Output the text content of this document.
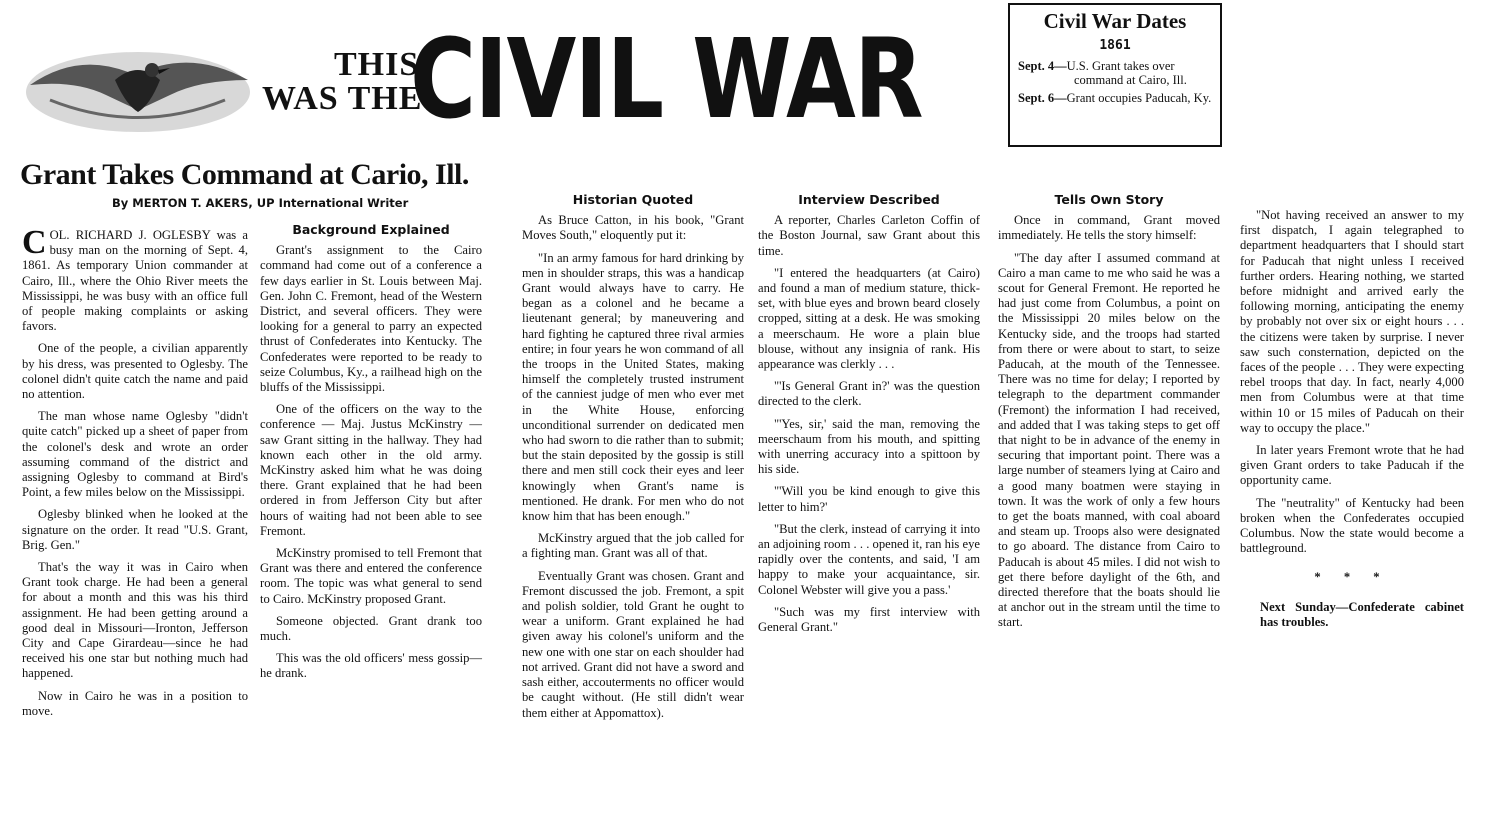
THIS
WAS THE
CIVIL WAR	Civil War Dates
1861
Sept. 4—U.S. Grant takes over command at Cairo, Ill.
Sept. 6—Grant occupies Paducah, Ky.
Grant Takes Command at Cario, Ill.
By MERTON T. AKERS, UP International Writer

COL. RICHARD J. OGLESBY was a busy man on the morning of Sept. 4, 1861. As temporary Union commander at Cairo, Ill., where the Ohio River meets the Mississippi, he was busy with an office full of people making complaints or asking favors.

One of the people, a civilian apparently by his dress, was presented to Oglesby. The colonel didn't quite catch the name and paid no attention.

The man whose name Oglesby "didn't quite catch" picked up a sheet of paper from the colonel's desk and wrote an order assuming command of the district and assigning Oglesby to command at Bird's Point, a few miles below on the Mississippi.

Oglesby blinked when he looked at the signature on the order. It read "U.S. Grant, Brig. Gen."

That's the way it was in Cairo when Grant took charge. He had been a general for about a month and this was his third assignment. He had been getting around a good deal in Missouri—Ironton, Jefferson City and Cape Girardeau—since he had received his one star but nothing much had happened.

Now in Cairo he was in a position to move.

Background Explained

Grant's assignment to the Cairo command had come out of a conference a few days earlier in St. Louis between Maj. Gen. John C. Fremont, head of the Western District, and several officers. They were looking for a general to parry an expected thrust of Confederates into Kentucky. The Confederates were reported to be ready to seize Columbus, Ky., a railhead high on the bluffs of the Mississippi.

One of the officers on the way to the conference — Maj. Justus McKinstry — saw Grant sitting in the hallway. They had known each other in the old army. McKinstry asked him what he was doing there. Grant explained that he had been ordered in from Jefferson City but after hours of waiting had not been able to see Fremont.

McKinstry promised to tell Fremont that Grant was there and entered the conference room. The topic was what general to send to Cairo. McKinstry proposed Grant.

Someone objected. Grant drank too much.

This was the old officers' mess gossip—he drank.

Historian Quoted

As Bruce Catton, in his book, "Grant Moves South," eloquently put it:

"In an army famous for hard drinking by men in shoulder straps, this was a handicap Grant would always have to carry. He began as a colonel and he became a lieutenant general; by maneuvering and hard fighting he captured three rival armies entire; in four years he won command of all the troops in the United States, making himself the completely trusted instrument of the canniest judge of men who ever met in the White House, enforcing unconditional surrender on dedicated men who had sworn to die rather than to submit; but the stain deposited by the gossip is still there and men still cock their eyes and leer knowingly when Grant's name is mentioned. He drank. For men who do not know him that has been enough."

McKinstry argued that the job called for a fighting man. Grant was all of that.

Eventually Grant was chosen. Grant and Fremont discussed the job. Fremont, a spit and polish soldier, told Grant he ought to wear a uniform. Grant explained he had given away his colonel's uniform and the new one with one star on each shoulder had not arrived. Grant did not have a sword and sash either, accouterments no officer would be caught without. (He still didn't wear them either at Appomattox).

Interview Described

A reporter, Charles Carleton Coffin of the Boston Journal, saw Grant about this time.

"I entered the headquarters (at Cairo) and found a man of medium stature, thick-set, with blue eyes and brown beard closely cropped, sitting at a desk. He was smoking a meerschaum. He wore a plain blue blouse, without any insignia of rank. His appearance was clerkly . . .

"'Is General Grant in?' was the question directed to the clerk.

"'Yes, sir,' said the man, removing the meerschaum from his mouth, and spitting with unerring accuracy into a spittoon by his side.

"'Will you be kind enough to give this letter to him?'

"But the clerk, instead of carrying it into an adjoining room . . . opened it, ran his eye rapidly over the contents, and said, 'I am happy to make your acquaintance, sir. Colonel Webster will give you a pass.'

"Such was my first interview with General Grant."

Tells Own Story

Once in command, Grant moved immediately. He tells the story himself:

"The day after I assumed command at Cairo a man came to me who said he was a scout for General Fremont. He reported he had just come from Columbus, a point on the Mississippi 20 miles below on the Kentucky side, and the troops had started from there or were about to start, to seize Paducah, at the mouth of the Tennessee. There was no time for delay; I reported by telegraph to the department commander (Fremont) the information I had received, and added that I was taking steps to get off that night to be in advance of the enemy in securing that important point. There was a large number of steamers lying at Cairo and a good many boatmen were staying in town. It was the work of only a few hours to get the boats manned, with coal aboard and steam up. Troops also were designated to go aboard. The distance from Cairo to Paducah is about 45 miles. I did not wish to get there before daylight of the 6th, and directed therefore that the boats should lie at anchor out in the stream until the time to start.

"Not having received an answer to my first dispatch, I again telegraphed to department headquarters that I should start for Paducah that night unless I received further orders. Hearing nothing, we started before midnight and arrived early the following morning, anticipating the enemy by probably not over six or eight hours . . . the citizens were taken by surprise. I never saw such consternation, depicted on the faces of the people . . . They were expecting rebel troops that day. In fact, nearly 4,000 men from Columbus were at that time within 10 or 15 miles of Paducah on their way to occupy the place."

In later years Fremont wrote that he had given Grant orders to take Paducah if the opportunity came.

The "neutrality" of Kentucky had been broken when the Confederates occupied Columbus. Now the state would become a battleground.

* * *

Next Sunday—Confederate cabinet has troubles.
